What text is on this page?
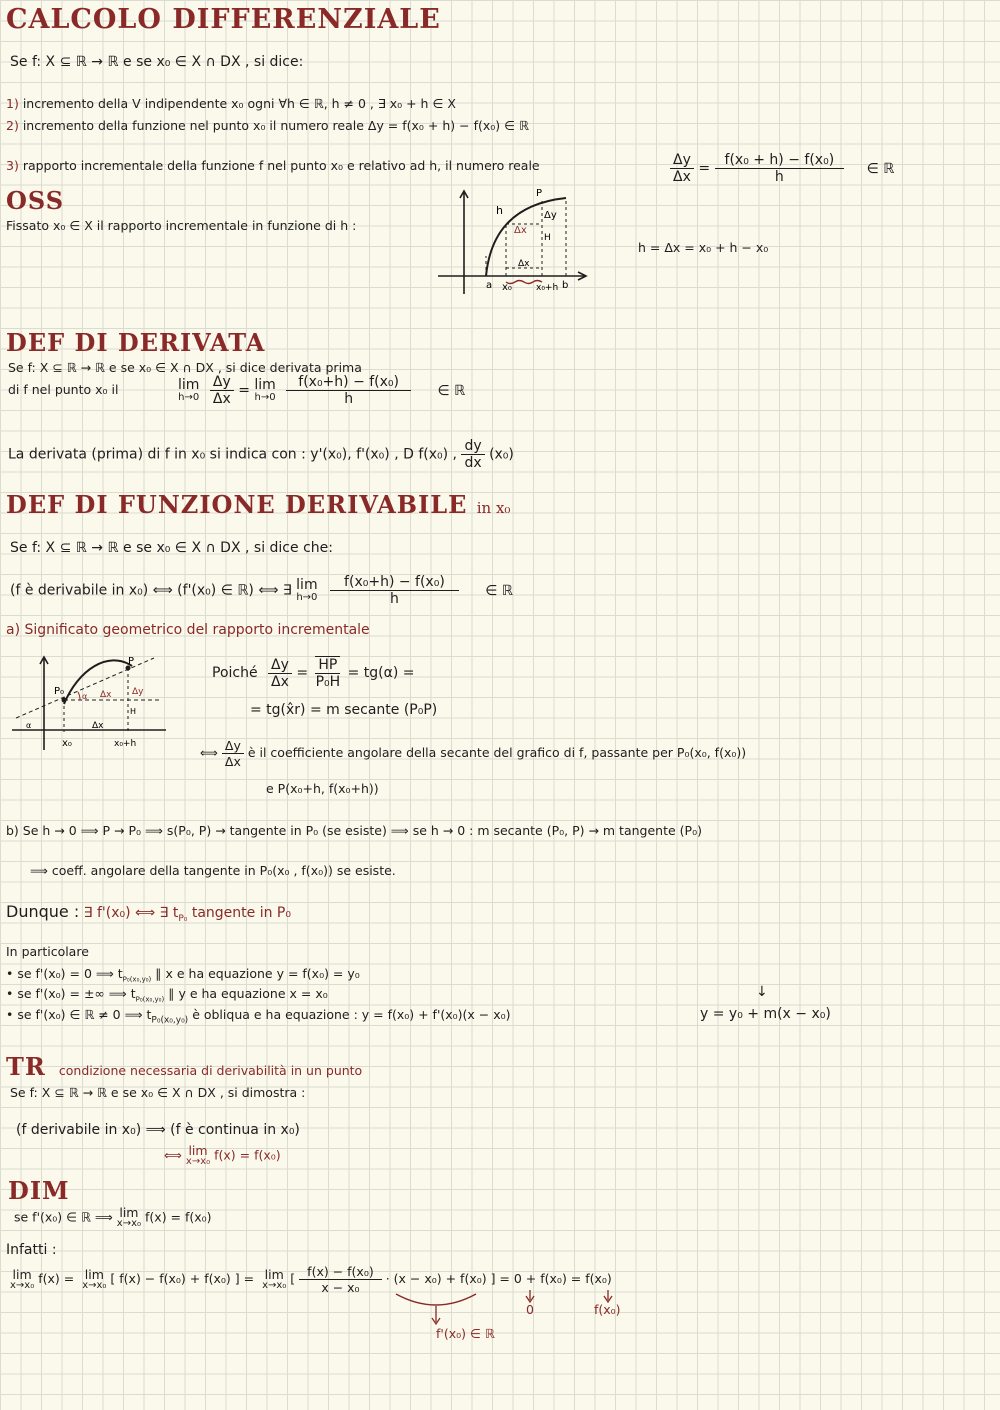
CALCOLO DIFFERENZIALE
Se f: X ⊆ ℝ → ℝ e se x₀ ∈ X ∩ DX , si dice:
1) incremento della V indipendente x₀ ogni ∀h ∈ ℝ, h ≠ 0 , ∃ x₀ + h ∈ X
2) incremento della funzione nel punto x₀ il numero reale Δy = f(x₀ + h) − f(x₀) ∈ ℝ
3) rapporto incrementale della funzione f nel punto x₀ e relativo ad h, il numero reale	$\frac{\Delta y}{\Delta x} = \frac{\text{f(x₀ + h) − f(x₀)}}{h}$ ∈ ℝ
OSS
Fissato x₀ ∈ X il rapporto incrementale in funzione di h :
h = Δx = x₀ + h − x₀
h
P
Δx
Δy
H
Δx
a x₀	x₀+h b
DEF DI DERIVATA
Se f: X ⊆ ℝ → ℝ e se x₀ ∈ X ∩ DX , si dice derivata prima
di f nel punto x₀ il	lim
h→0
$\frac{\Delta y}{\Delta x} = \lim$
h→0
$\frac{\text{f(x₀+h) − f(x₀)}}{h}$ ∈ ℝ
La derivata (prima) di f in x₀ si indica con : y'(x₀), f'(x₀) , D f(x₀) , $\frac{dy}{dx} (x_0)$
DEF DI FUNZIONE DERIVABILE in x₀
Se f: X ⊆ ℝ → ℝ e se x₀ ∈ X ∩ DX , si dice che:
(f è derivabile in x₀) ⟺ (f'(x₀) ∈ ℝ) ⟺ ∃ lim
h→0
$\frac{\text{f(x₀+h) − f(x₀)}}{h}$ ∈ ℝ
a) Significato geometrico del rapporto incrementale
P
P₀	Δx Δy
H
α
α	Δx
x₀	x₀+h
Poiché $\frac{\Delta y}{\Delta x} = \frac{HP}{\text{P₀H}} = tg(\alpha)$ =
= tg(x̂r) = m secante (P₀P)
⟺ $\frac{\Delta y}{\Delta x}$ è il coefficiente angolare della secante del grafico di f, passante per P₀(x₀, f(x₀))
e P(x₀+h, f(x₀+h))
b) Se h → 0 ⟹ P → P₀ ⟹ s(P₀, P) → tangente in P₀ (se esiste) ⟹ se h → 0 : m secante (P₀, P) → m tangente (P₀)
⟹ coeff. angolare della tangente in P₀(x₀ , f(x₀)) se esiste.
Dunque : ∃ f'(x₀) ⟺ ∃ $t_{P_0}$ tangente in P₀
In particolare
• se f'(x₀) = 0 ⟹ $t_{P_0(x_0,y_0)}$ ∥ x e ha equazione y = f(x₀) = y₀
• se f'(x₀) = ±∞ ⟹ $t_{P_0(x_0,y_0)}$ ∥ y e ha equazione x = x₀
• se f'(x₀) ∈ ℝ ≠ 0 ⟹ $t_{P_0(x_0,y_0)}$ è obliqua e ha equazione : y = f(x₀) + f'(x₀)(x − x₀)
↓
y = y₀ + m(x − x₀)
TR condizione necessaria di derivabilità in un punto
Se f: X ⊆ ℝ → ℝ e se x₀ ∈ X ∩ DX , si dimostra :
(f derivabile in x₀) ⟹ (f è continua in x₀)
⟺ lim
x→x₀ f(x) = f(x₀)
DIM
se f'(x₀) ∈ ℝ ⟹ lim
x→x₀ f(x) = f(x₀)
Infatti :
lim
x→x₀ f(x) = lim
x→x₀ [ f(x) − f(x₀) + f(x₀) ] = lim
x→x₀ [ $\frac{\text{f(x) − f(x₀)}}{\text{x − x₀}} \cdot (x - x_0) + f(x_0)$ ] = 0 + f(x₀) = f(x₀)
f'(x₀) ∈ ℝ
0	f(x₀)
